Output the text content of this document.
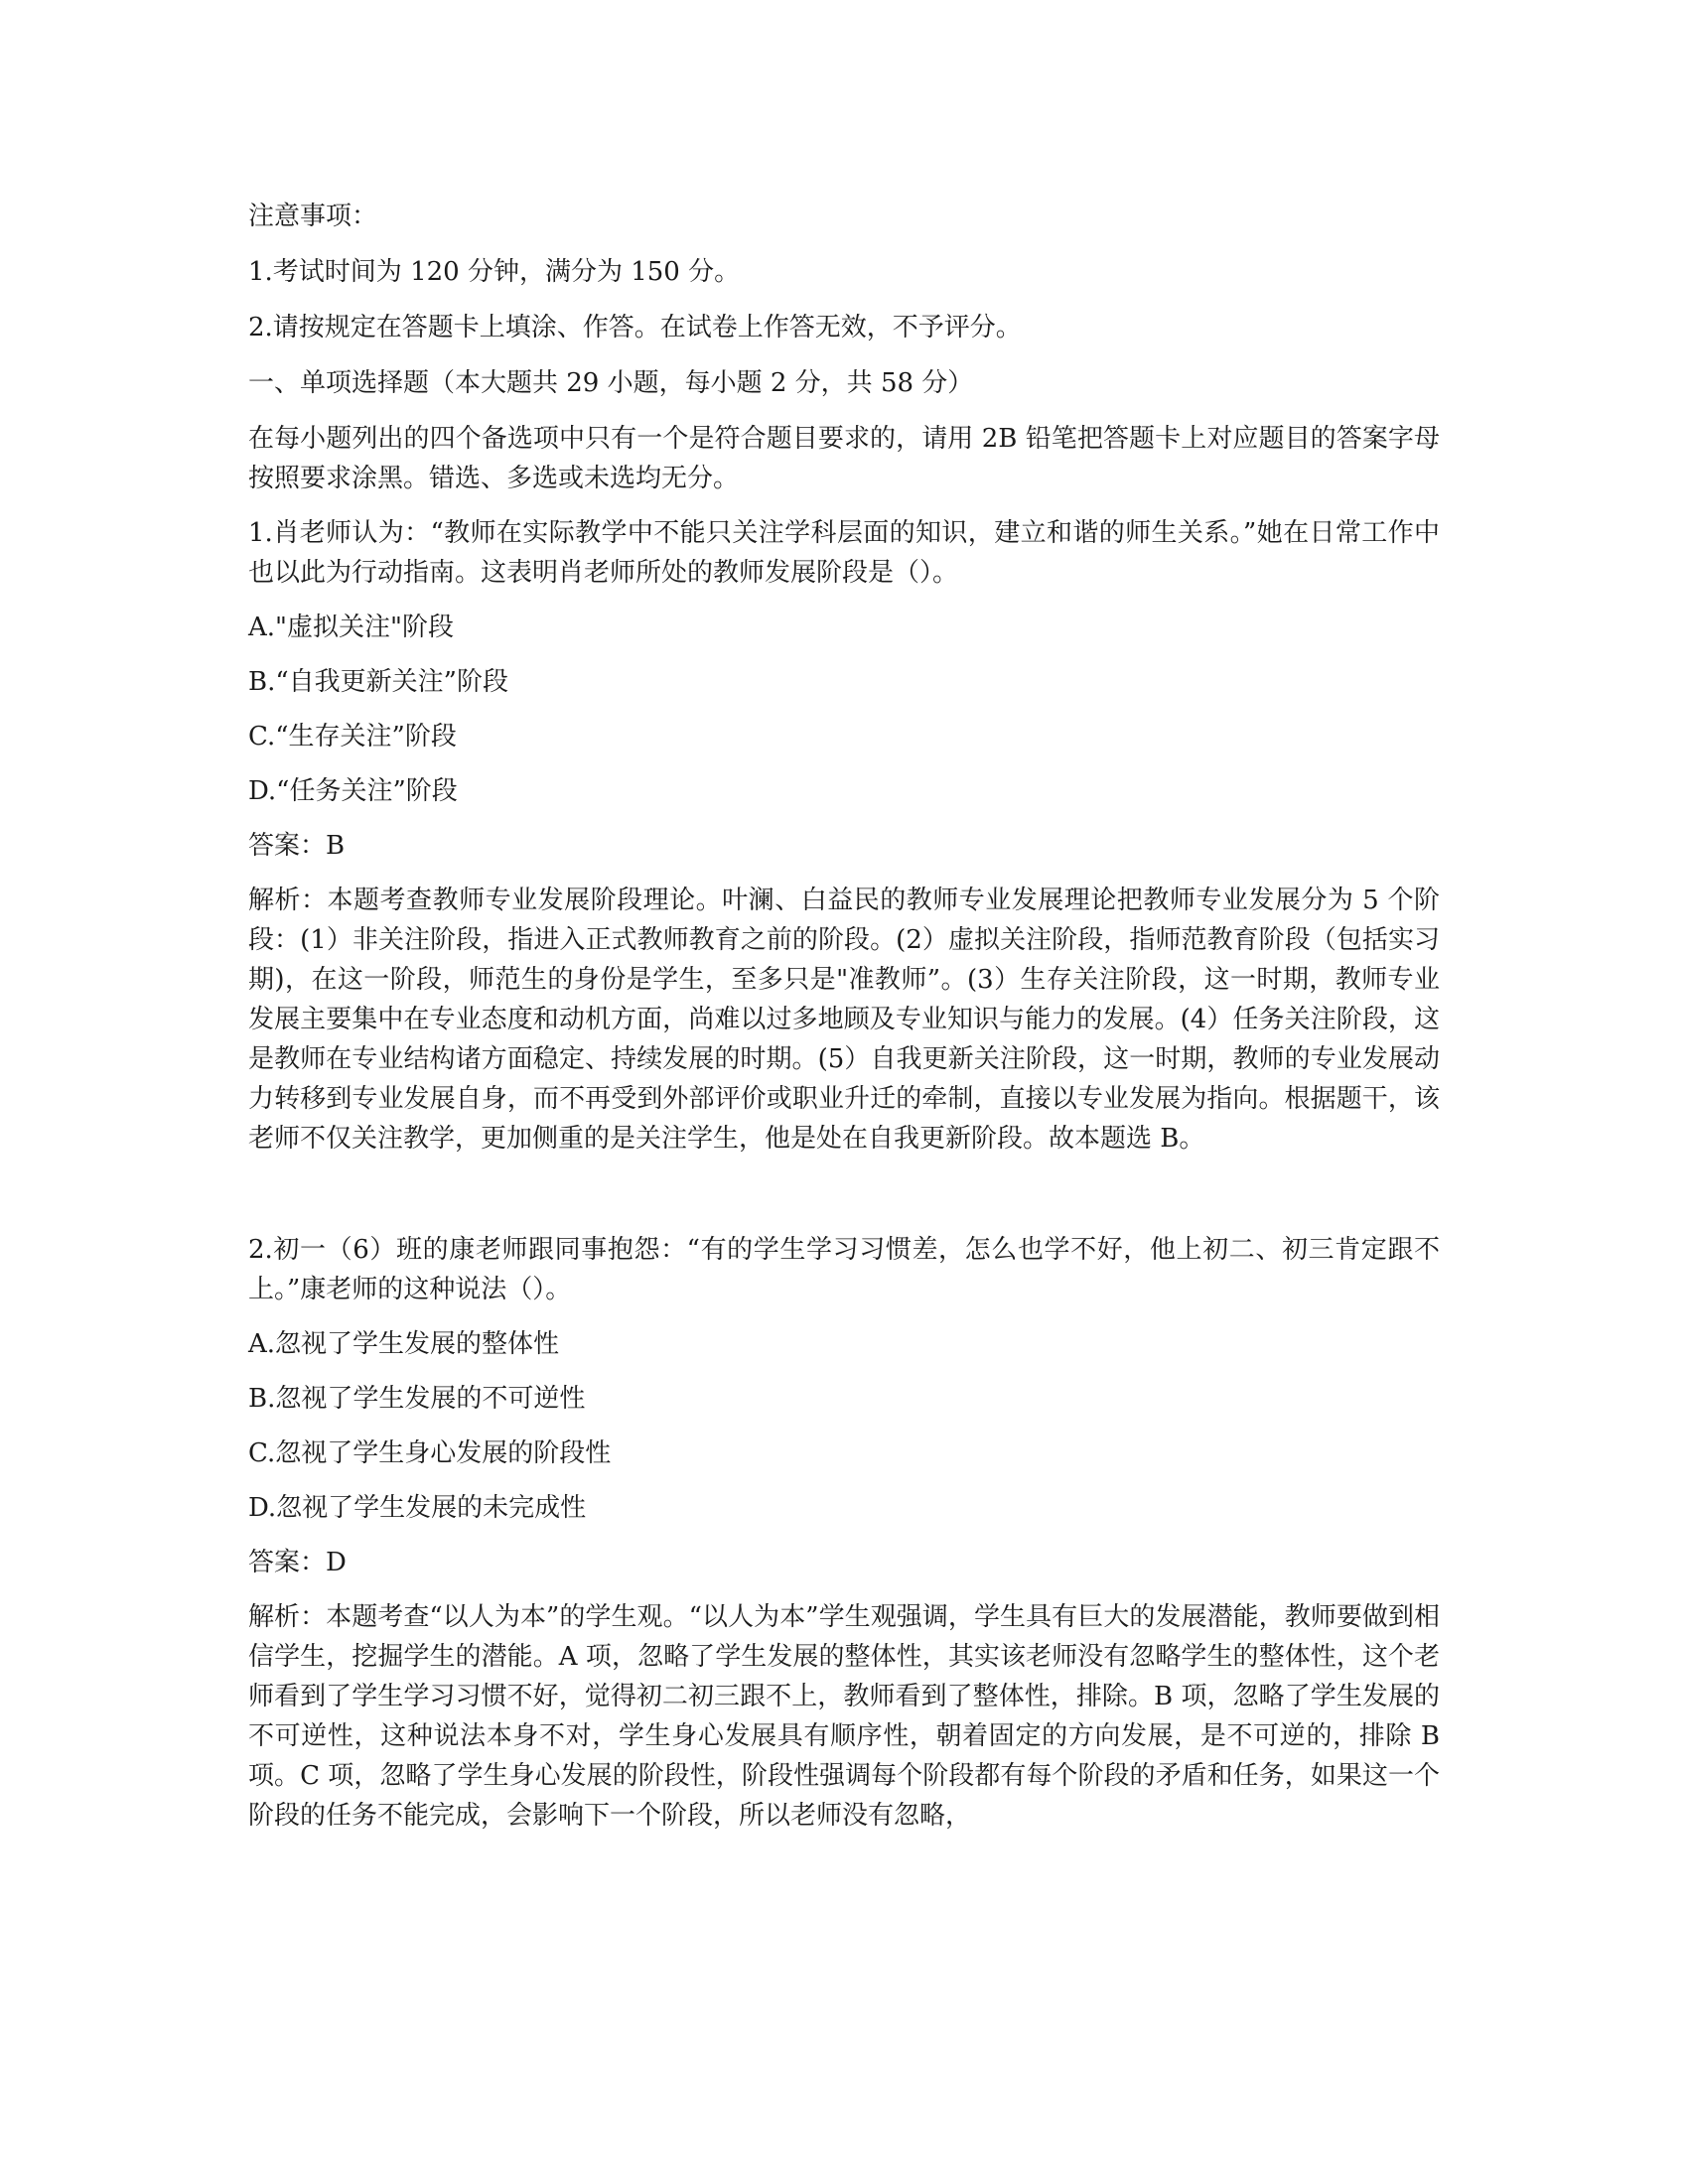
注意事项：

1.考试时间为 120 分钟，满分为 150 分。

2.请按规定在答题卡上填涂、作答。在试卷上作答无效，不予评分。

一、单项选择题（本大题共 29 小题，每小题 2 分，共 58 分）

在每小题列出的四个备选项中只有一个是符合题目要求的，请用 2B 铅笔把答题卡上对应题目的答案字母按照要求涂黑。错选、多选或未选均无分。

1.肖老师认为：“教师在实际教学中不能只关注学科层面的知识，建立和谐的师生关系。”她在日常工作中也以此为行动指南。这表明肖老师所处的教师发展阶段是（）。

A."虚拟关注"阶段

B.“自我更新关注”阶段

C.“生存关注”阶段

D.“任务关注”阶段

答案：B

解析：本题考查教师专业发展阶段理论。叶澜、白益民的教师专业发展理论把教师专业发展分为 5 个阶段：(1）非关注阶段，指进入正式教师教育之前的阶段。(2）虚拟关注阶段，指师范教育阶段（包括实习期)，在这一阶段，师范生的身份是学生，至多只是"准教师”。(3）生存关注阶段，这一时期，教师专业发展主要集中在专业态度和动机方面，尚难以过多地顾及专业知识与能力的发展。(4）任务关注阶段，这是教师在专业结构诸方面稳定、持续发展的时期。(5）自我更新关注阶段，这一时期，教师的专业发展动力转移到专业发展自身，而不再受到外部评价或职业升迁的牵制，直接以专业发展为指向。根据题干，该老师不仅关注教学，更加侧重的是关注学生，他是处在自我更新阶段。故本题选 B。

2.初一（6）班的康老师跟同事抱怨：“有的学生学习习惯差，怎么也学不好，他上初二、初三肯定跟不上。”康老师的这种说法（）。

A.忽视了学生发展的整体性

B.忽视了学生发展的不可逆性

C.忽视了学生身心发展的阶段性

D.忽视了学生发展的未完成性

答案：D

解析：本题考查“以人为本”的学生观。“以人为本”学生观强调，学生具有巨大的发展潜能，教师要做到相信学生，挖掘学生的潜能。A 项，忽略了学生发展的整体性，其实该老师没有忽略学生的整体性，这个老师看到了学生学习习惯不好，觉得初二初三跟不上，教师看到了整体性，排除。B 项，忽略了学生发展的不可逆性，这种说法本身不对，学生身心发展具有顺序性，朝着固定的方向发展，是不可逆的，排除 B 项。C 项，忽略了学生身心发展的阶段性，阶段性强调每个阶段都有每个阶段的矛盾和任务，如果这一个阶段的任务不能完成，会影响下一个阶段，所以老师没有忽略，
